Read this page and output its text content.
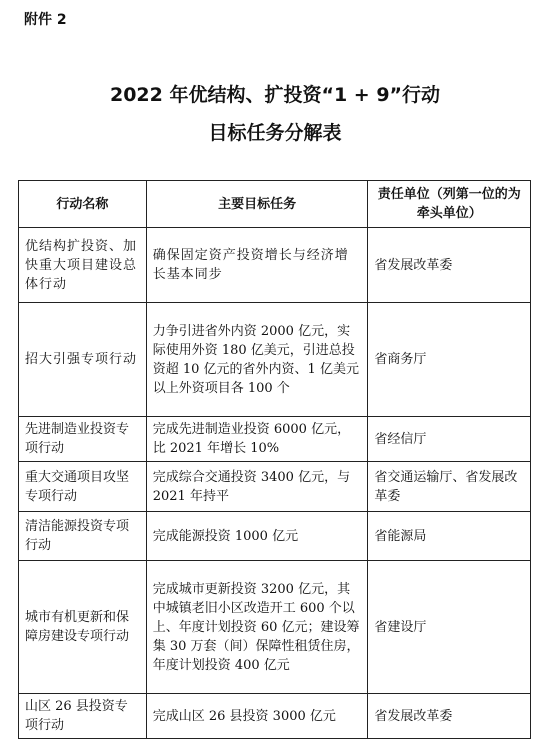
附件 2
2022 年优结构、扩投资“1 + 9”行动
目标任务分解表
行动名称	主要目标任务	责任单位（列第一位的为牵头单位）
优结构扩投资、加快重大项目建设总体行动	确保固定资产投资增长与经济增长基本同步	省发展改革委
招大引强专项行动	力争引进省外内资 2000 亿元，实际使用外资 180 亿美元，引进总投资超 10 亿元的省外内资、1 亿美元以上外资项目各 100 个	省商务厅
先进制造业投资专项行动	完成先进制造业投资 6000 亿元，比 2021 年增长 10%	省经信厅
重大交通项目攻坚专项行动	完成综合交通投资 3400 亿元，与 2021 年持平	省交通运输厅、省发展改革委
清洁能源投资专项行动	完成能源投资 1000 亿元	省能源局
城市有机更新和保障房建设专项行动	完成城市更新投资 3200 亿元，其中城镇老旧小区改造开工 600 个以上、年度计划投资 60 亿元；建设筹集 30 万套（间）保障性租赁住房，年度计划投资 400 亿元	省建设厅
山区 26 县投资专项行动	完成山区 26 县投资 3000 亿元	省发展改革委
